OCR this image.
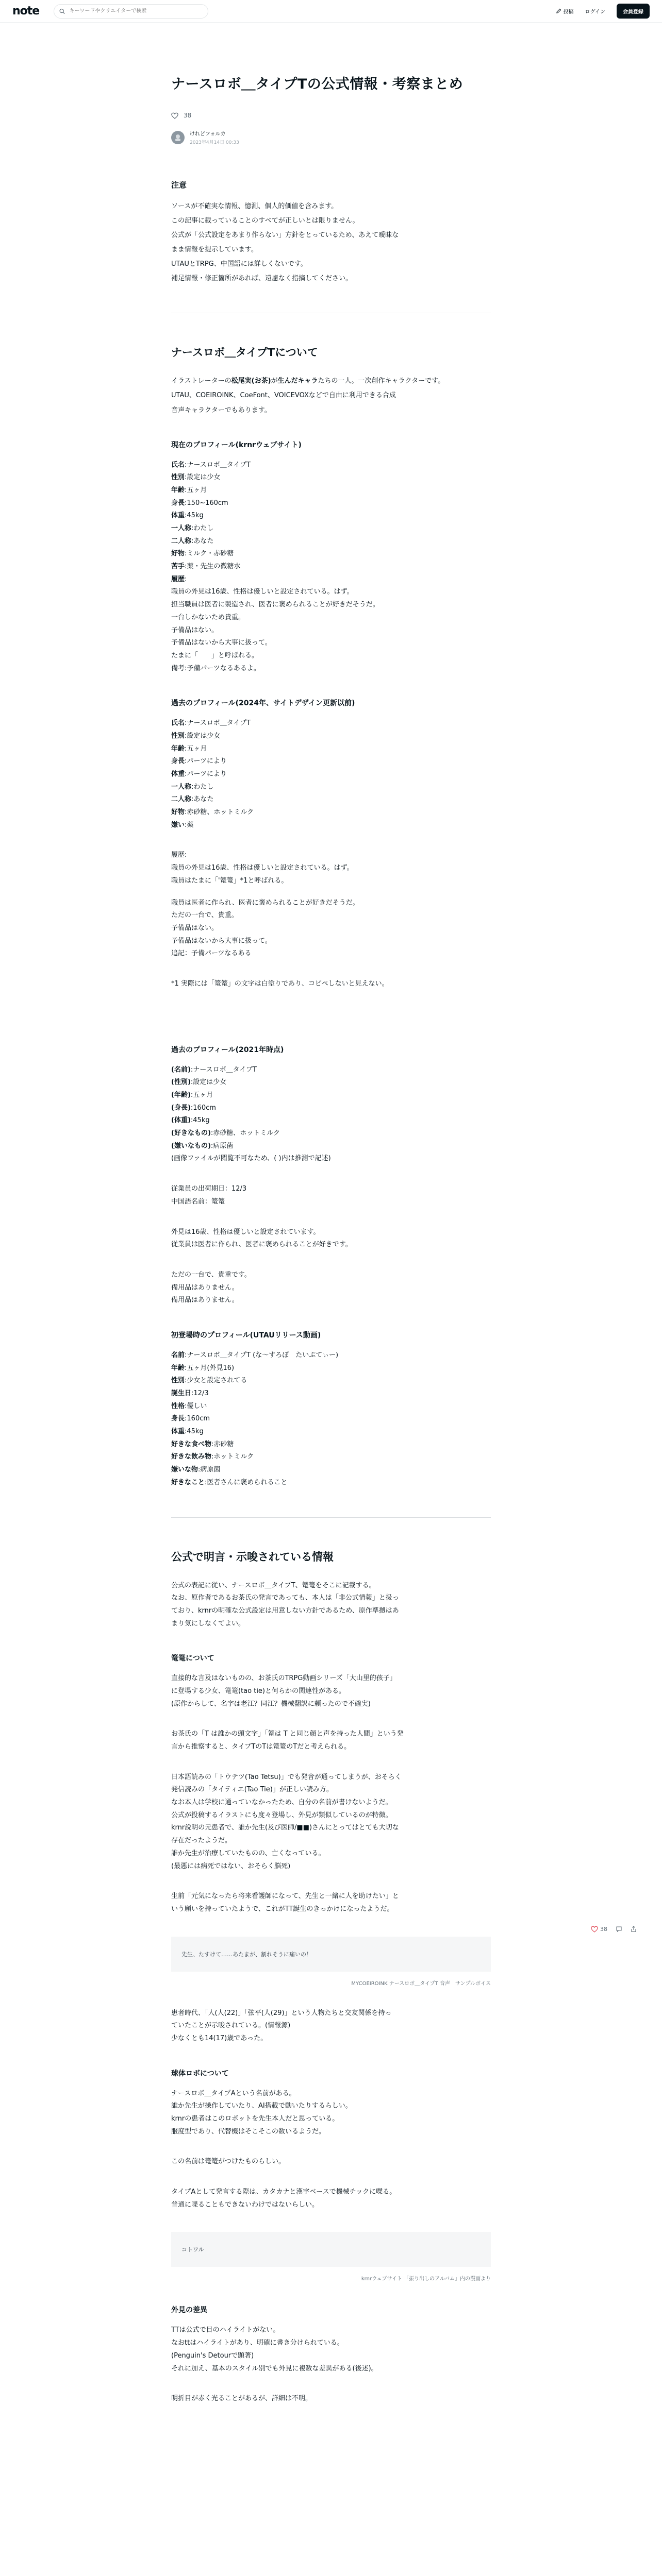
note
キーワードやクリエイターで検索	投稿 ログイン	会員登録
38
ナースロボ＿タイプTの公式情報・考察まとめ
38
けれどフォルカ
2023年4月14日 00:33
注意
ソースが不確実な情報、憶測、個人的価値を含みます。
この記事に載っていることのすべてが正しいとは限りません。
公式が「公式設定をあまり作らない」方針をとっているため、あえて曖昧な
まま情報を提示しています。
UTAUとTRPG、中国語には詳しくないです。
補足情報・修正箇所があれば、遠慮なく指摘してください。
ナースロボ＿タイプTについて
イラストレーターの松尾実(お茶)が生んだキャラたちの一人。一次創作キャラクターです。
UTAU、COEIROINK、CoeFont、VOICEVOXなどで自由に利用できる合成
音声キャラクターでもあります。
現在のプロフィール(krnrウェブサイト)
氏名:ナースロボ＿タイプT
性別:設定は少女
年齢:五ヶ月
身長:150~160cm
体重:45kg
一人称:わたし
二人称:あなた
好物:ミルク・赤砂糖
苦手:薬・先生の微糖水
履歴:
職員の外見は16歳、性格は優しいと設定されている。はず。
担当職員は医者に製造され、医者に褒められることが好きだそうだ。
一台しかないため貴重。
予備品はない。
予備品はないから大事に扱って。
たまに「　　」と呼ばれる。
備考:予備パーツなるあるよ。
過去のプロフィール(2024年、サイトデザイン更新以前)
氏名:ナースロボ＿タイプT
性別:設定は少女
年齢:五ヶ月
身長:パーツにより
体重:パーツにより
一人称:わたし
二人称:あなた
好物:赤砂糖、ホットミルク
嫌い:薬
履歴:
職員の外見は16歳、性格は優しいと設定されている。はず。
職員はたまに「'篭篭」*1と呼ばれる。
職員は医者に作られ、医者に褒められることが好きだそうだ。
ただの一台で、貴重。
予備品はない。
予備品はないから大事に扱って。
追記：予備パーツなるある
*1 実際には「篭篭」の文字は白塗りであり、コピペしないと見えない。
過去のプロフィール(2021年時点)
(名前):ナースロボ＿タイプT
(性別):設定は少女
(年齢):五ヶ月
(身長):160cm
(体重):45kg
(好きなもの):赤砂糖、ホットミルク
(嫌いなもの):病原菌
(画像ファイルが閲覧不可なため、( )内は推測で記述)
従業員の出荷期日：12/3
中国語名前：篭篭
外見は16歳、性格は優しいと設定されています。
従業員は医者に作られ、医者に褒められることが好きです。
ただの一台で、貴重です。
備用品はありません。
備用品はありません。
初登場時のプロフィール(UTAUリリース動画)
名前:ナースロボ＿タイプT (な〜すろぼ　たいぷてぃー)
年齢:五ヶ月(外見16)
性別:少女と設定されてる
誕生日:12/3
性格:優しい
身長:160cm
体重:45kg
好きな食べ物:赤砂糖
好きな飲み物:ホットミルク
嫌いな物:病原菌
好きなこと:医者さんに褒められること
公式で明言・示唆されている情報
公式の表記に従い、ナースロボ＿タイプT、篭篭をそこに記載する。
なお、原作者であるお茶氏の発言であっても、本人は「非公式情報」と扱っ
ており、krnrの明確な公式設定は用意しない方針であるため、原作準拠はあ
まり気にしなくてよい。
篭篭について
直接的な言及はないものの、お茶氏のTRPG動画シリーズ「大山里的孩子」
に登場する少女、篭篭(tao tie)と何らかの関連性がある。
(原作からして、名字は老江？同江？機械翻訳に頼ったので不確実)
お茶氏の「T は誰かの頭文字」「篭は T と同じ顔と声を持った人間」という発
言から推察すると、タイプTのTは篭篭のTだと考えられる。
日本語読みの「トウテツ(Tao Tetsu)」でも発音が通ってしまうが、おそらく
発信読みの「タイティエ(Tao Tie)」が正しい読み方。
なお本人は学校に通っていなかったため、自分の名前が書けないようだ。
公式が投稿するイラストにも度々登場し、外見が類似しているのが特徴。
krnr説明の元患者で、誰か先生(及び医師/■■)さんにとってはとても大切な
存在だったようだ。
誰か先生が治療していたものの、亡くなっている。
(最悪には病死ではない、おそらく脳死)
生前「元気になったら将来看護師になって、先生と一緒に人を助けたい」と
いう願いを持っていたようで、これがTT誕生のきっかけになったようだ。
先生、たすけて……あたまが、割れそうに痛いの！
MYCOEIROINK ナースロボ＿タイプT 音声　サンプルボイス
患者時代、「人(人(22)」「弦平(人(29)」という人物たちと交友関係を持っ
ていたことが示唆されている。(情報源)
少なくとも14(17)歳であった。
球体ロボについて
ナースロボ＿タイプAという名前がある。
誰か先生が操作していたり、AI搭載で動いたりするらしい。
krnrの患者はこのロボットを先生本人だと思っている。
服度型であり、代替機はそこそこの数いるようだ。
この名前は篭篭がつけたものらしい。
タイプAとして発言する際は、カタカナと漢字ベースで機械チックに喋る。
普通に喋ることもできないわけではないらしい。
コトワル
krnrウェブサイト 「振り出しのアルバム」内の漫画より
外見の差異
TTは公式で目のハイライトがない。
なおttはハイライトがあり、明確に書き分けられている。
(Penguin's Detourで顕著)
それに加え、基本のスタイル別でも外見に複数な差異がある(後述)。
明折目が赤く光ることがあるが、詳細は不明。
